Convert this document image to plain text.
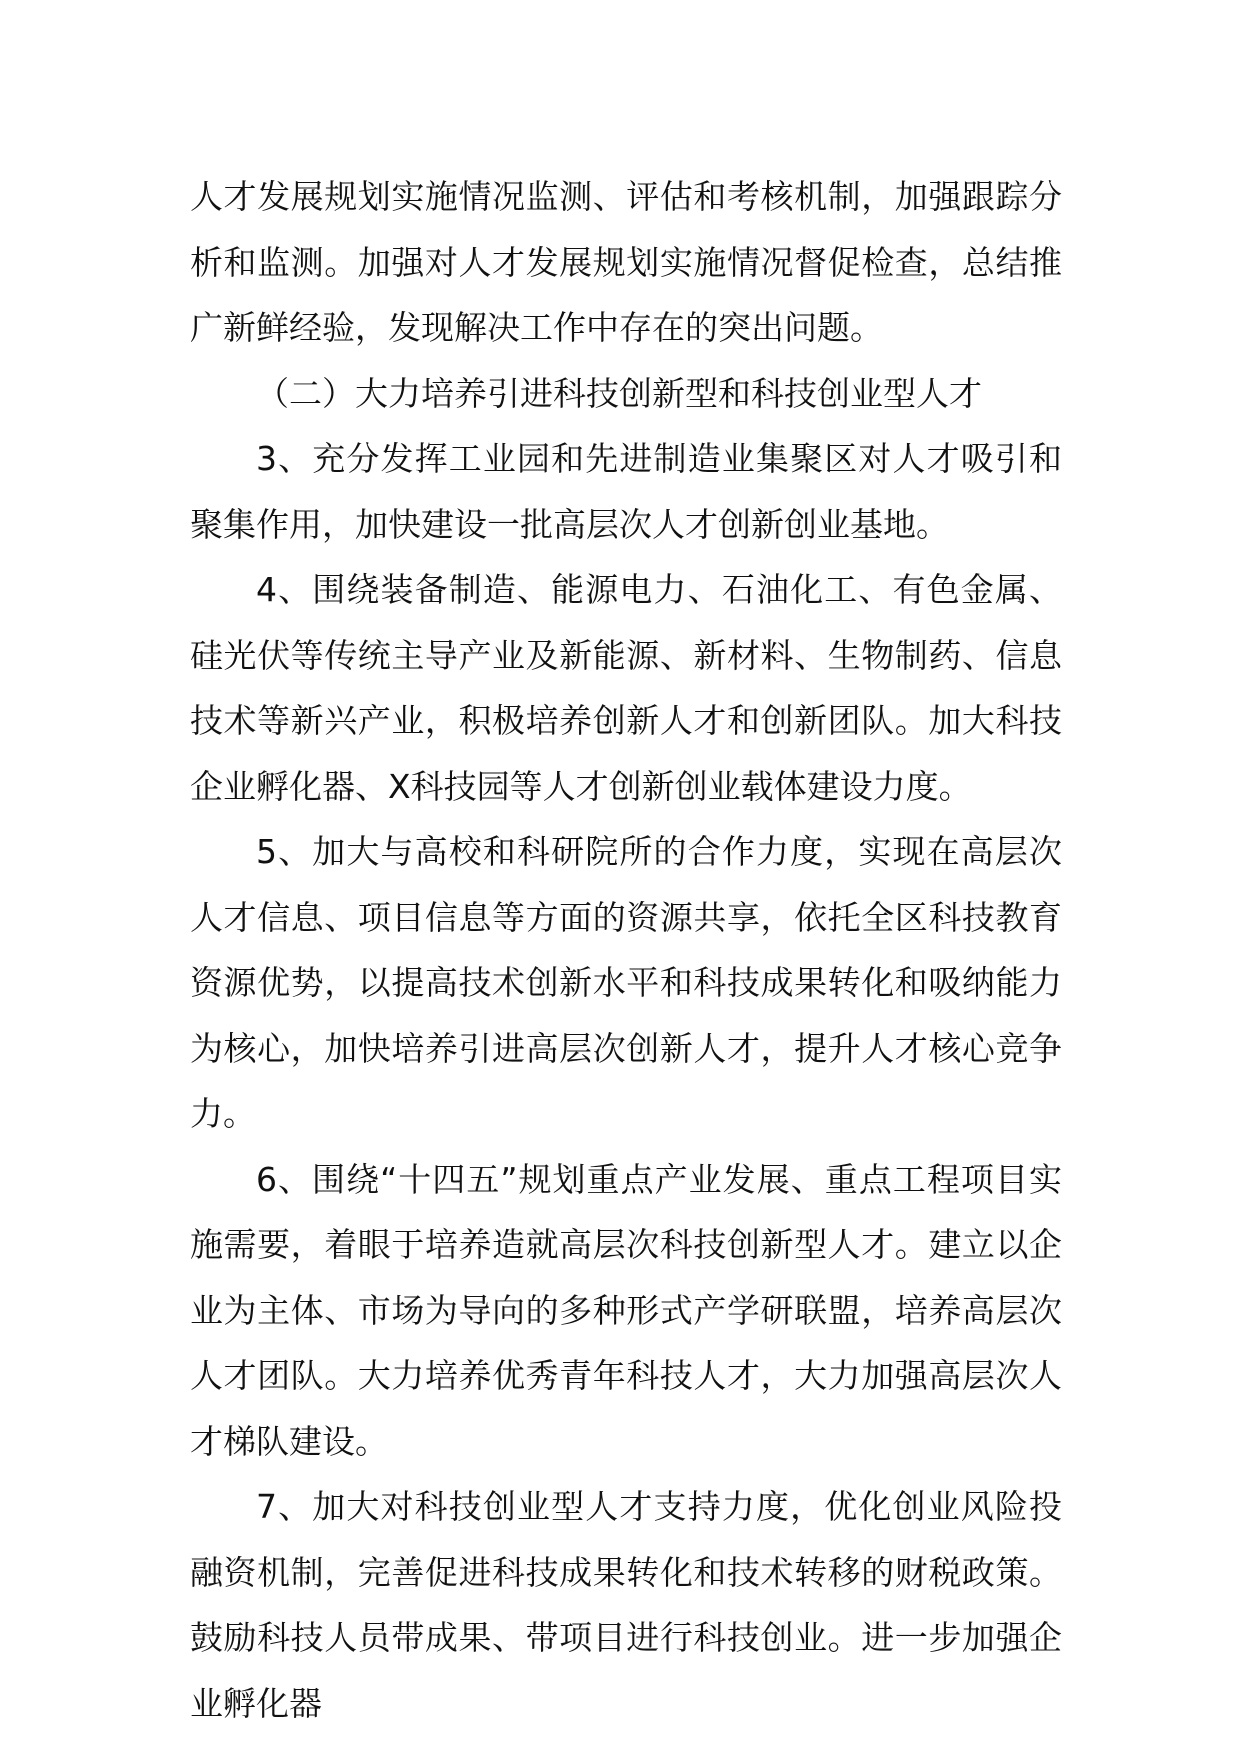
人才发展规划实施情况监测、评估和考核机制，加强跟踪分析和监测。加强对人才发展规划实施情况督促检查，总结推广新鲜经验，发现解决工作中存在的突出问题。

（二）大力培养引进科技创新型和科技创业型人才

3、充分发挥工业园和先进制造业集聚区对人才吸引和聚集作用，加快建设一批高层次人才创新创业基地。

4、围绕装备制造、能源电力、石油化工、有色金属、硅光伏等传统主导产业及新能源、新材料、生物制药、信息技术等新兴产业，积极培养创新人才和创新团队。加大科技企业孵化器、X科技园等人才创新创业载体建设力度。

5、加大与高校和科研院所的合作力度，实现在高层次人才信息、项目信息等方面的资源共享，依托全区科技教育资源优势，以提高技术创新水平和科技成果转化和吸纳能力为核心，加快培养引进高层次创新人才，提升人才核心竞争力。

6、围绕“十四五”规划重点产业发展、重点工程项目实施需要，着眼于培养造就高层次科技创新型人才。建立以企业为主体、市场为导向的多种形式产学研联盟，培养高层次人才团队。大力培养优秀青年科技人才，大力加强高层次人才梯队建设。

7、加大对科技创业型人才支持力度，优化创业风险投融资机制，完善促进科技成果转化和技术转移的财税政策。鼓励科技人员带成果、带项目进行科技创业。进一步加强企业孵化器
